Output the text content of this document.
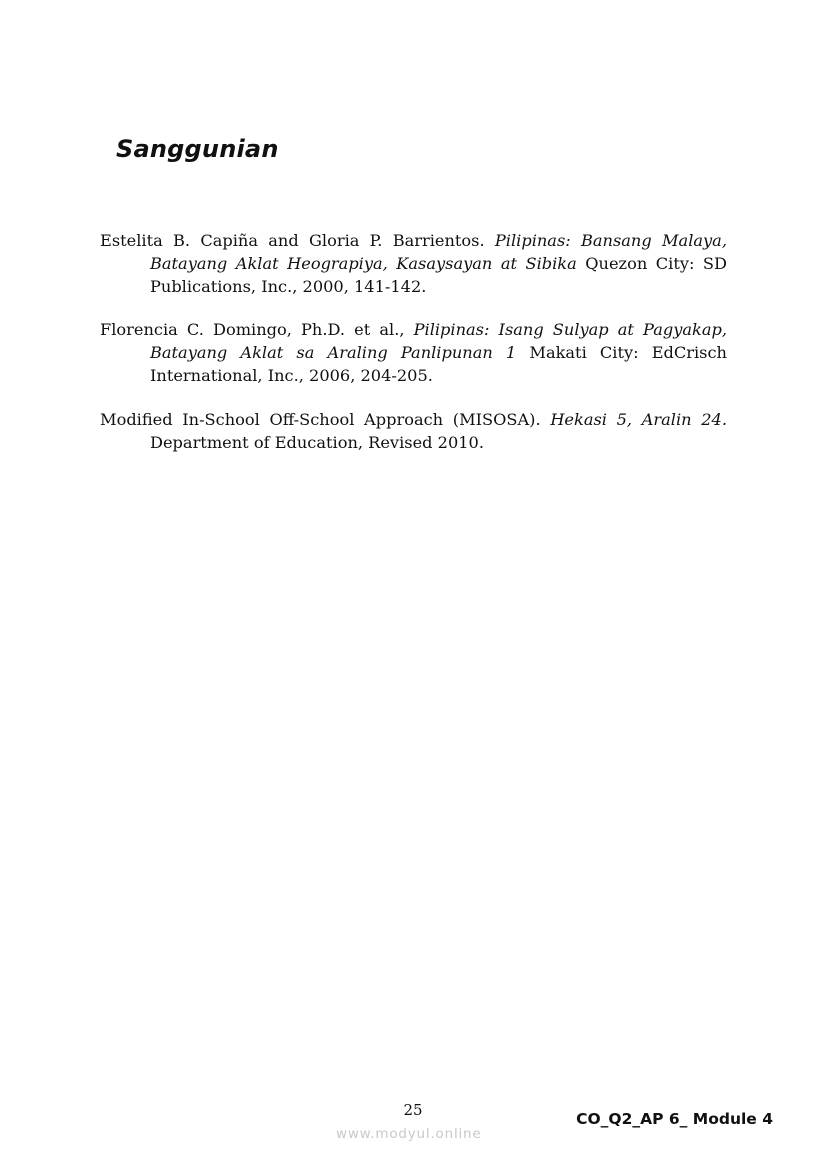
Sanggunian

Estelita B. Capiña and Gloria P. Barrientos. Pilipinas: Bansang Malaya, Batayang Aklat Heograpiya, Kasaysayan at Sibika Quezon City: SD Publications, Inc., 2000, 141-142.

Florencia C. Domingo, Ph.D. et al., Pilipinas: Isang Sulyap at Pagyakap, Batayang Aklat sa Araling Panlipunan 1 Makati City: EdCrisch International, Inc., 2006, 204-205.

Modified In-School Off-School Approach (MISOSA). Hekasi 5, Aralin 24. Department of Education, Revised 2010.

25	CO_Q2_AP 6_ Module 4
www.modyul.online
